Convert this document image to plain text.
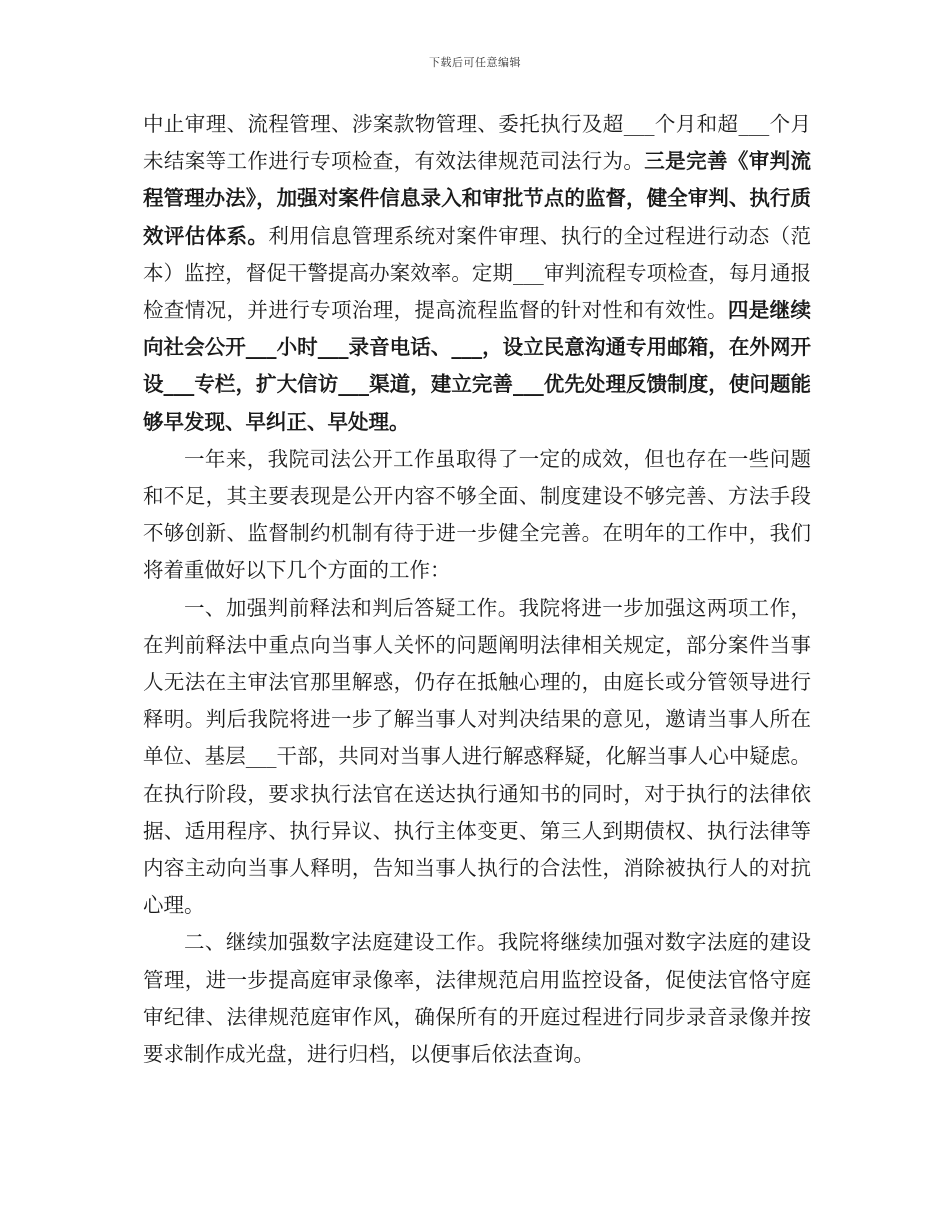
下载后可任意编辑

中止审理、流程管理、涉案款物管理、委托执行及超___个月和超___个月未结案等工作进行专项检查，有效法律规范司法行为。三是完善《审判流程管理办法》，加强对案件信息录入和审批节点的监督，健全审判、执行质效评估体系。利用信息管理系统对案件审理、执行的全过程进行动态（范本）监控，督促干警提高办案效率。定期___审判流程专项检查，每月通报检查情况，并进行专项治理，提高流程监督的针对性和有效性。四是继续向社会公开___小时___录音电话、___，设立民意沟通专用邮箱，在外网开设___专栏，扩大信访___渠道，建立完善___优先处理反馈制度，使问题能够早发现、早纠正、早处理。

一年来，我院司法公开工作虽取得了一定的成效，但也存在一些问题和不足，其主要表现是公开内容不够全面、制度建设不够完善、方法手段不够创新、监督制约机制有待于进一步健全完善。在明年的工作中，我们将着重做好以下几个方面的工作：

一、加强判前释法和判后答疑工作。我院将进一步加强这两项工作，在判前释法中重点向当事人关怀的问题阐明法律相关规定，部分案件当事人无法在主审法官那里解惑，仍存在抵触心理的，由庭长或分管领导进行释明。判后我院将进一步了解当事人对判决结果的意见，邀请当事人所在单位、基层___干部，共同对当事人进行解惑释疑，化解当事人心中疑虑。在执行阶段，要求执行法官在送达执行通知书的同时，对于执行的法律依据、适用程序、执行异议、执行主体变更、第三人到期债权、执行法律等内容主动向当事人释明，告知当事人执行的合法性，消除被执行人的对抗心理。

二、继续加强数字法庭建设工作。我院将继续加强对数字法庭的建设管理，进一步提高庭审录像率，法律规范启用监控设备，促使法官恪守庭审纪律、法律规范庭审作风，确保所有的开庭过程进行同步录音录像并按要求制作成光盘，进行归档，以便事后依法查询。
